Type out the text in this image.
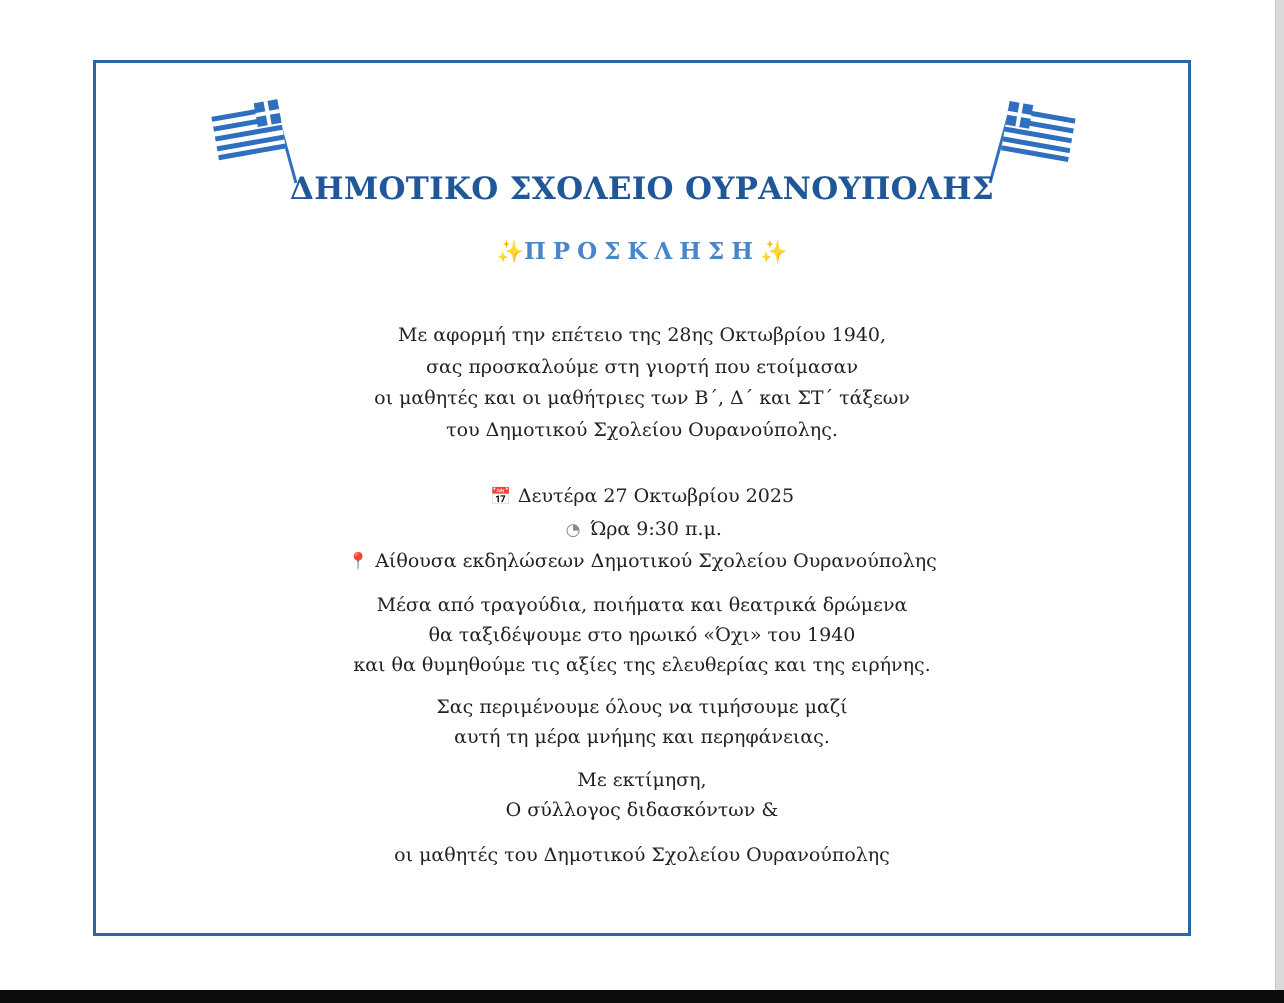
ΔΗΜΟΤΙΚΟ ΣΧΟΛΕΙΟ ΟΥΡΑΝΟΥΠΟΛΗΣ
✨ΠΡΟΣΚΛΗΣΗ✨
Με αφορμή την επέτειο της 28ης Οκτωβρίου 1940,
σας προσκαλούμε στη γιορτή που ετοίμασαν
οι μαθητές και οι μαθήτριες των Β΄, Δ΄ και ΣΤ΄ τάξεων
του Δημοτικού Σχολείου Ουρανούπολης.
📅 Δευτέρα 27 Οκτωβρίου 2025
◔ Ώρα 9:30 π.μ.
📍 Αίθουσα εκδηλώσεων Δημοτικού Σχολείου Ουρανούπολης
Μέσα από τραγούδια, ποιήματα και θεατρικά δρώμενα
θα ταξιδέψουμε στο ηρωικό «Όχι» του 1940
και θα θυμηθούμε τις αξίες της ελευθερίας και της ειρήνης.
Σας περιμένουμε όλους να τιμήσουμε μαζί
αυτή τη μέρα μνήμης και περηφάνειας.
Με εκτίμηση,
Ο σύλλογος διδασκόντων &
οι μαθητές του Δημοτικού Σχολείου Ουρανούπολης
